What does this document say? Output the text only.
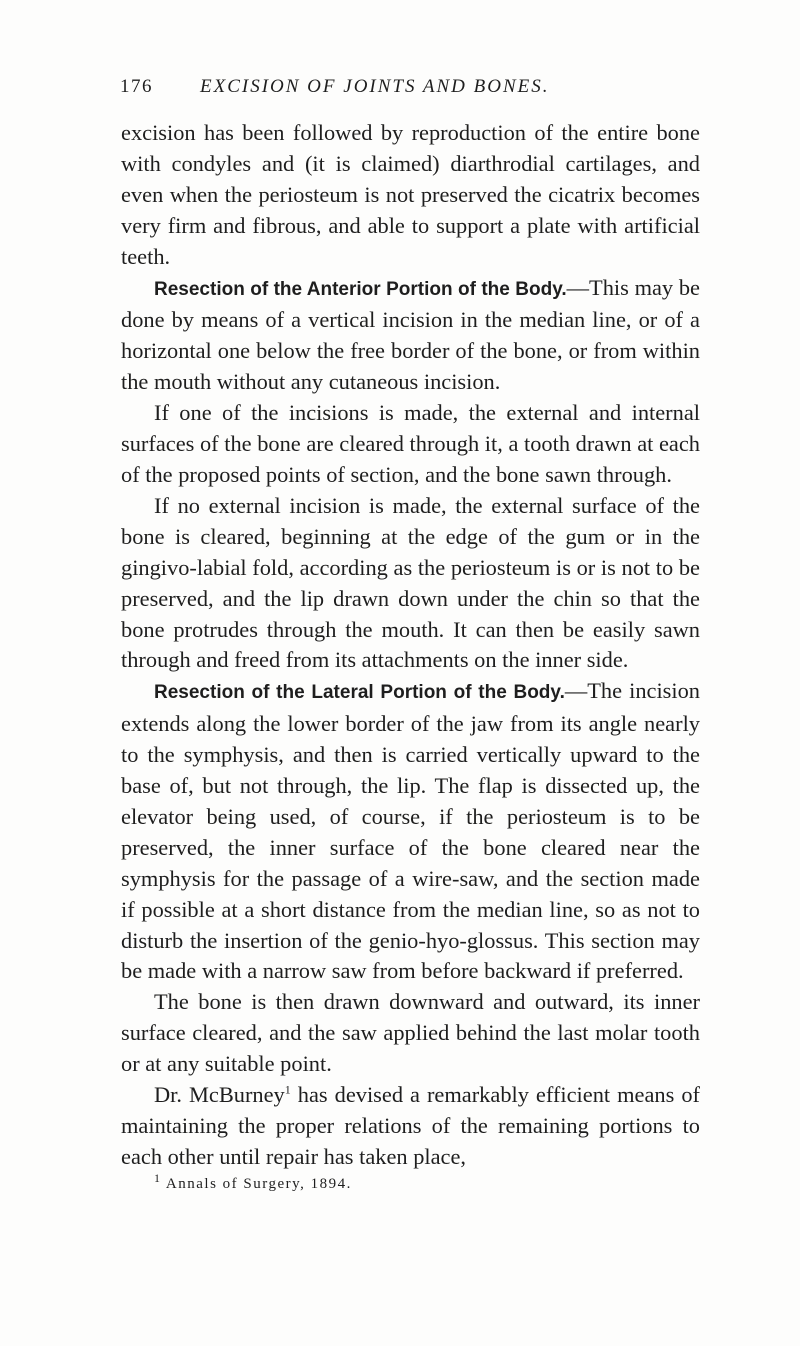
176 EXCISION OF JOINTS AND BONES.

excision has been followed by reproduction of the entire bone with condyles and (it is claimed) diarthrodial cartilages, and even when the periosteum is not preserved the cicatrix becomes very firm and fibrous, and able to support a plate with artificial teeth.

Resection of the Anterior Portion of the Body.—This may be done by means of a vertical incision in the median line, or of a horizontal one below the free border of the bone, or from within the mouth without any cutaneous incision.

If one of the incisions is made, the external and internal surfaces of the bone are cleared through it, a tooth drawn at each of the proposed points of section, and the bone sawn through.

If no external incision is made, the external surface of the bone is cleared, beginning at the edge of the gum or in the gingivo-labial fold, according as the periosteum is or is not to be preserved, and the lip drawn down under the chin so that the bone protrudes through the mouth. It can then be easily sawn through and freed from its attachments on the inner side.

Resection of the Lateral Portion of the Body.—The incision extends along the lower border of the jaw from its angle nearly to the symphysis, and then is carried vertically upward to the base of, but not through, the lip. The flap is dissected up, the elevator being used, of course, if the periosteum is to be preserved, the inner surface of the bone cleared near the symphysis for the passage of a wire-saw, and the section made if possible at a short distance from the median line, so as not to disturb the insertion of the genio-hyo-glossus. This section may be made with a narrow saw from before backward if preferred.

The bone is then drawn downward and outward, its inner surface cleared, and the saw applied behind the last molar tooth or at any suitable point.

Dr. McBurney$^1$ has devised a remarkably efficient means of maintaining the proper relations of the remaining portions to each other until repair has taken place,

$^1$ Annals of Surgery, 1894.
